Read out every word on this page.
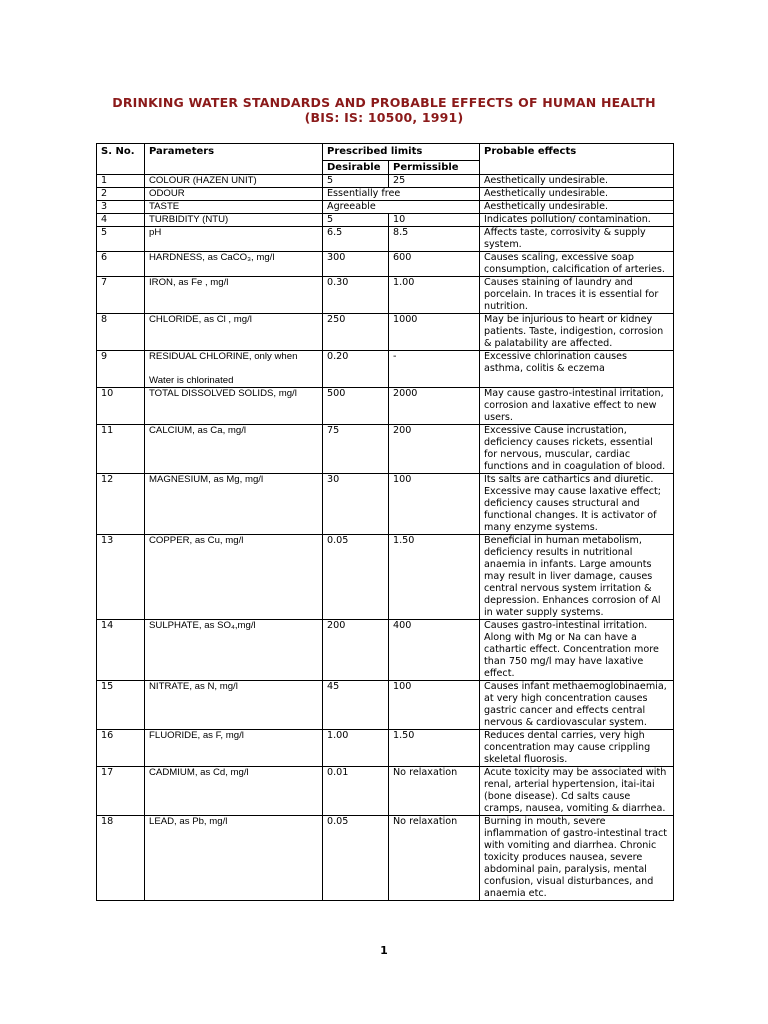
DRINKING WATER STANDARDS AND PROBABLE EFFECTS OF HUMAN HEALTH
(BIS: IS: 10500, 1991)
S. No.	Parameters	Prescribed limits		Probable effects
		Desirable	Permissible	
1	COLOUR (HAZEN UNIT)	5	25	Aesthetically undesirable.
2	ODOUR	Essentially free		Aesthetically undesirable.
3	TASTE	Agreeable		Aesthetically undesirable.
4	TURBIDITY (NTU)	5	10	Indicates pollution/ contamination.
5	pH	6.5	8.5	Affects taste, corrosivity & supply system.
6	HARDNESS, as CaCO₃, mg/l	300	600	Causes scaling, excessive soap consumption, calcification of arteries.
7	IRON, as Fe , mg/l	0.30	1.00	Causes staining of laundry and porcelain. In traces it is essential for nutrition.
8	CHLORIDE, as Cl , mg/l	250	1000	May be injurious to heart or kidney patients. Taste, indigestion, corrosion & palatability are affected.
9	RESIDUAL CHLORINE, only when
Water is chlorinated	0.20	-	Excessive chlorination causes asthma, colitis & eczema
10	TOTAL DISSOLVED SOLIDS, mg/l	500	2000	May cause gastro-intestinal irritation, corrosion and laxative effect to new users.
11	CALCIUM, as Ca, mg/l	75	200	Excessive Cause incrustation, deficiency causes rickets, essential for nervous, muscular, cardiac functions and in coagulation of blood.
12	MAGNESIUM, as Mg, mg/l	30	100	Its salts are cathartics and diuretic. Excessive may cause laxative effect; deficiency causes structural and functional changes. It is activator of many enzyme systems.
13	COPPER, as Cu, mg/l	0.05	1.50	Beneficial in human metabolism, deficiency results in nutritional anaemia in infants. Large amounts may result in liver damage, causes central nervous system irritation & depression. Enhances corrosion of Al in water supply systems.
14	SULPHATE, as SO₄,mg/l	200	400	Causes gastro-intestinal irritation. Along with Mg or Na can have a cathartic effect. Concentration more than 750 mg/l may have laxative effect.
15	NITRATE, as N, mg/l	45	100	Causes infant methaemoglobinaemia, at very high concentration causes gastric cancer and effects central nervous & cardiovascular system.
16	FLUORIDE, as F, mg/l	1.00	1.50	Reduces dental carries, very high concentration may cause crippling skeletal fluorosis.
17	CADMIUM, as Cd, mg/l	0.01	No relaxation	Acute toxicity may be associated with renal, arterial hypertension, itai-itai (bone disease). Cd salts cause cramps, nausea, vomiting & diarrhea.
18	LEAD, as Pb, mg/l	0.05	No relaxation	Burning in mouth, severe inflammation of gastro-intestinal tract with vomiting and diarrhea. Chronic toxicity produces nausea, severe abdominal pain, paralysis, mental confusion, visual disturbances, and anaemia etc.
1
